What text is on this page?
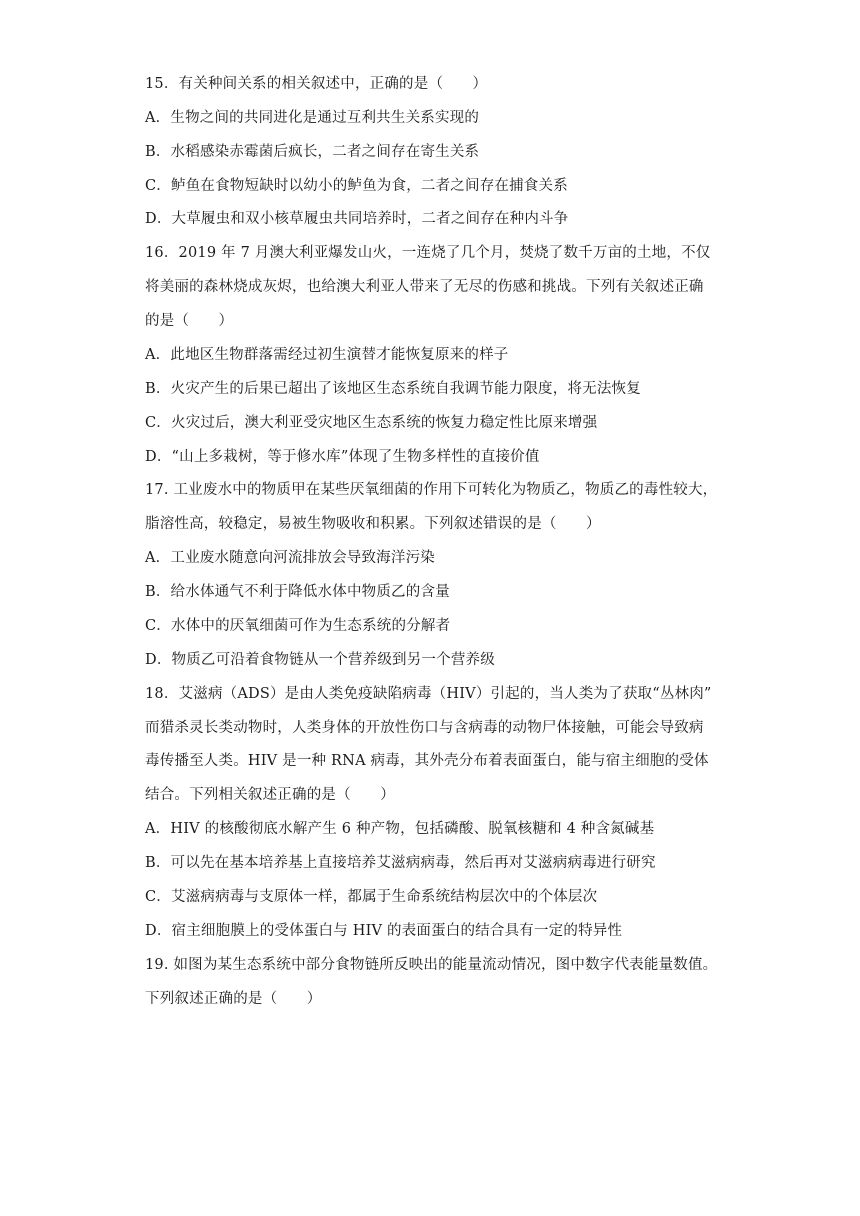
15．有关种间关系的相关叙述中，正确的是（　　）
A．生物之间的共同进化是通过互利共生关系实现的
B．水稻感染赤霉菌后疯长，二者之间存在寄生关系
C．鲈鱼在食物短缺时以幼小的鲈鱼为食，二者之间存在捕食关系
D．大草履虫和双小核草履虫共同培养时，二者之间存在种内斗争
16．2019 年 7 月澳大利亚爆发山火，一连烧了几个月，焚烧了数千万亩的土地，不仅
将美丽的森林烧成灰烬，也给澳大利亚人带来了无尽的伤感和挑战。下列有关叙述正确
的是（　　）
A．此地区生物群落需经过初生演替才能恢复原来的样子
B．火灾产生的后果已超出了该地区生态系统自我调节能力限度，将无法恢复
C．火灾过后，澳大利亚受灾地区生态系统的恢复力稳定性比原来增强
D．“山上多栽树，等于修水库”体现了生物多样性的直接价值
17. 工业废水中的物质甲在某些厌氧细菌的作用下可转化为物质乙，物质乙的毒性较大，
脂溶性高，较稳定，易被生物吸收和积累。下列叙述错误的是（　　）
A．工业废水随意向河流排放会导致海洋污染
B．给水体通气不利于降低水体中物质乙的含量
C．水体中的厌氧细菌可作为生态系统的分解者
D．物质乙可沿着食物链从一个营养级到另一个营养级
18．艾滋病（ADS）是由人类免疫缺陷病毒（HIV）引起的，当人类为了获取“丛林肉”
而猎杀灵长类动物时，人类身体的开放性伤口与含病毒的动物尸体接触，可能会导致病
毒传播至人类。HIV 是一种 RNA 病毒，其外壳分布着表面蛋白，能与宿主细胞的受体
结合。下列相关叙述正确的是（　　）
A．HIV 的核酸彻底水解产生 6 种产物，包括磷酸、脱氧核糖和 4 种含氮碱基
B．可以先在基本培养基上直接培养艾滋病病毒，然后再对艾滋病病毒进行研究
C．艾滋病病毒与支原体一样，都属于生命系统结构层次中的个体层次
D．宿主细胞膜上的受体蛋白与 HIV 的表面蛋白的结合具有一定的特异性
19. 如图为某生态系统中部分食物链所反映出的能量流动情况，图中数字代表能量数值。
下列叙述正确的是（　　）
